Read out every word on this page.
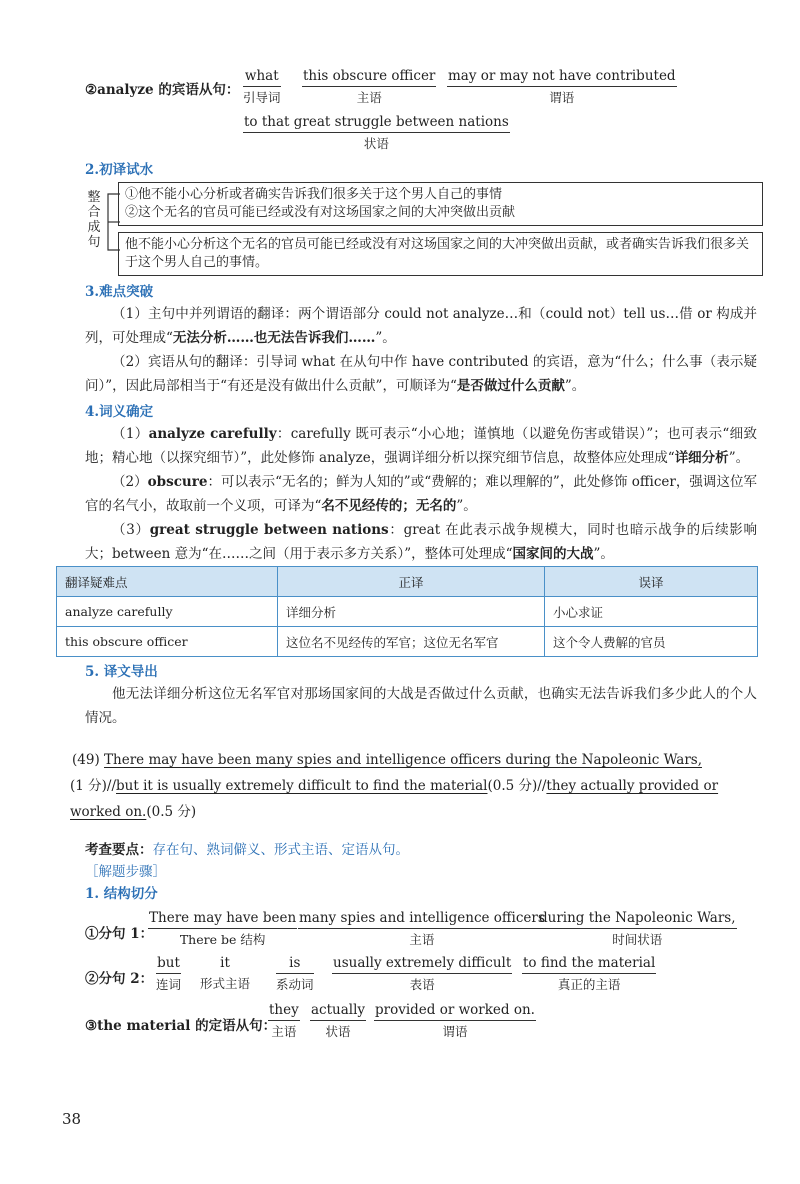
②analyze 的宾语从句：
what
引导词
this obscure officer
主语
may or may not have contributed
谓语
to that great struggle between nations
状语
2.初译试水
整合成句
①他不能小心分析或者确实告诉我们很多关于这个男人自己的事情
②这个无名的官员可能已经或没有对这场国家之间的大冲突做出贡献
他不能小心分析这个无名的官员可能已经或没有对这场国家之间的大冲突做出贡献，或者确实告诉我们很多关于这个男人自己的事情。
3.难点突破
（1）主句中并列谓语的翻译：两个谓语部分 could not analyze…和（could not）tell us…借 or 构成并列，可处理成“无法分析……也无法告诉我们……”。
（2）宾语从句的翻译：引导词 what 在从句中作 have contributed 的宾语，意为“什么；什么事（表示疑问）”，因此局部相当于“有还是没有做出什么贡献”，可顺译为“是否做过什么贡献”。
4.词义确定
（1）analyze carefully：carefully 既可表示“小心地；谨慎地（以避免伤害或错误）”；也可表示“细致地；精心地（以探究细节）”，此处修饰 analyze，强调详细分析以探究细节信息，故整体应处理成“详细分析”。
（2）obscure：可以表示“无名的；鲜为人知的”或“费解的；难以理解的”，此处修饰 officer，强调这位军官的名气小，故取前一个义项，可译为“名不见经传的；无名的”。
（3）great struggle between nations：great 在此表示战争规模大，同时也暗示战争的后续影响大；between 意为“在……之间（用于表示多方关系）”，整体可处理成“国家间的大战”。
翻译疑难点	正译	误译
analyze carefully	详细分析	小心求证
this obscure officer	这位名不见经传的军官；这位无名军官	这个令人费解的官员
5. 译文导出
他无法详细分析这位无名军官对那场国家间的大战是否做过什么贡献，也确实无法告诉我们多少此人的个人情况。
(49) There may have been many spies and intelligence officers during the Napoleonic Wars,
(1 分)//but it is usually extremely difficult to find the material(0.5 分)//they actually provided or
worked on.(0.5 分)
考查要点：存在句、熟词僻义、形式主语、定语从句。
［解题步骤］
1. 结构切分
①分句 1：
There may have been
There be 结构
many spies and intelligence officers
主语
during the Napoleonic Wars,
时间状语
②分句 2：
but
连词
it
形式主语
is
系动词
usually extremely difficult
表语
to find the material
真正的主语
③the material 的定语从句：
they
主语
actually
状语
provided or worked on.
谓语
38
